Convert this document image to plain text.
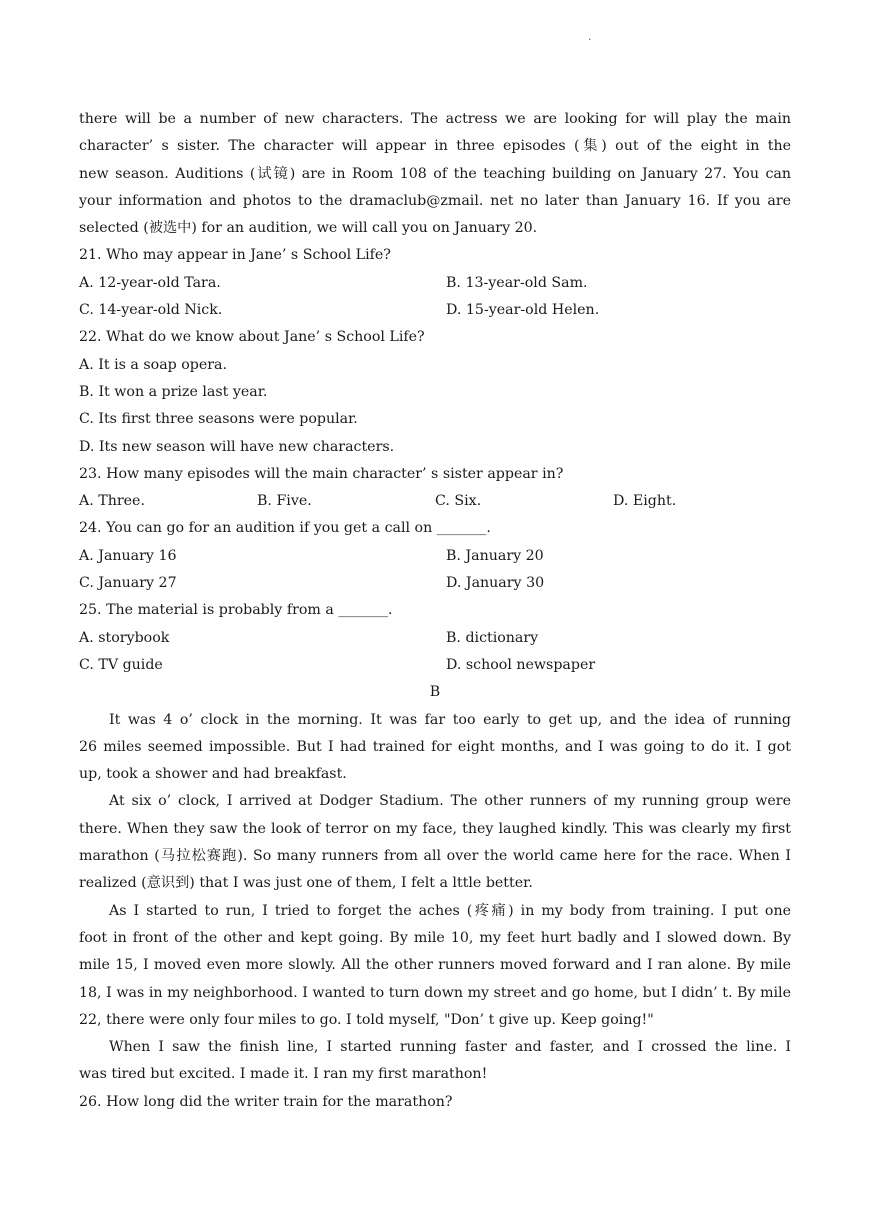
.
there will be a number of new characters. The actress we are looking for will play the main
character’ s sister. The character will appear in three episodes (集) out of the eight in the
new season. Auditions (试镜) are in Room 108 of the teaching building on January 27. You can
your information and photos to the dramaclub@zmail. net no later than January 16. If you are
selected (被选中) for an audition, we will call you on January 20.
21. Who may appear in Jane’ s School Life?
A. 12-year-old Tara.	B. 13-year-old Sam.
C. 14-year-old Nick.	D. 15-year-old Helen.
22. What do we know about Jane’ s School Life?
A. It is a soap opera.
B. It won a prize last year.
C. Its first three seasons were popular.
D. Its new season will have new characters.
23. How many episodes will the main character’ s sister appear in?
A. Three.	B. Five.	C. Six.	D. Eight.
24. You can go for an audition if you get a call on _______.
A. January 16	B. January 20
C. January 27	D. January 30
25. The material is probably from a _______.
A. storybook	B. dictionary
C. TV guide	D. school newspaper
B
It was 4 o’ clock in the morning. It was far too early to get up, and the idea of running
26 miles seemed impossible. But I had trained for eight months, and I was going to do it. I got
up, took a shower and had breakfast.
At six o’ clock, I arrived at Dodger Stadium. The other runners of my running group were
there. When they saw the look of terror on my face, they laughed kindly. This was clearly my first
marathon (马拉松赛跑). So many runners from all over the world came here for the race. When I
realized (意识到) that I was just one of them, I felt a lttle better.
As I started to run, I tried to forget the aches (疼痛) in my body from training. I put one
foot in front of the other and kept going. By mile 10, my feet hurt badly and I slowed down. By
mile 15, I moved even more slowly. All the other runners moved forward and I ran alone. By mile
18, I was in my neighborhood. I wanted to turn down my street and go home, but I didn’ t. By mile
22, there were only four miles to go. I told myself, "Don’ t give up. Keep going!"
When I saw the finish line, I started running faster and faster, and I crossed the line. I
was tired but excited. I made it. I ran my first marathon!
26. How long did the writer train for the marathon?
